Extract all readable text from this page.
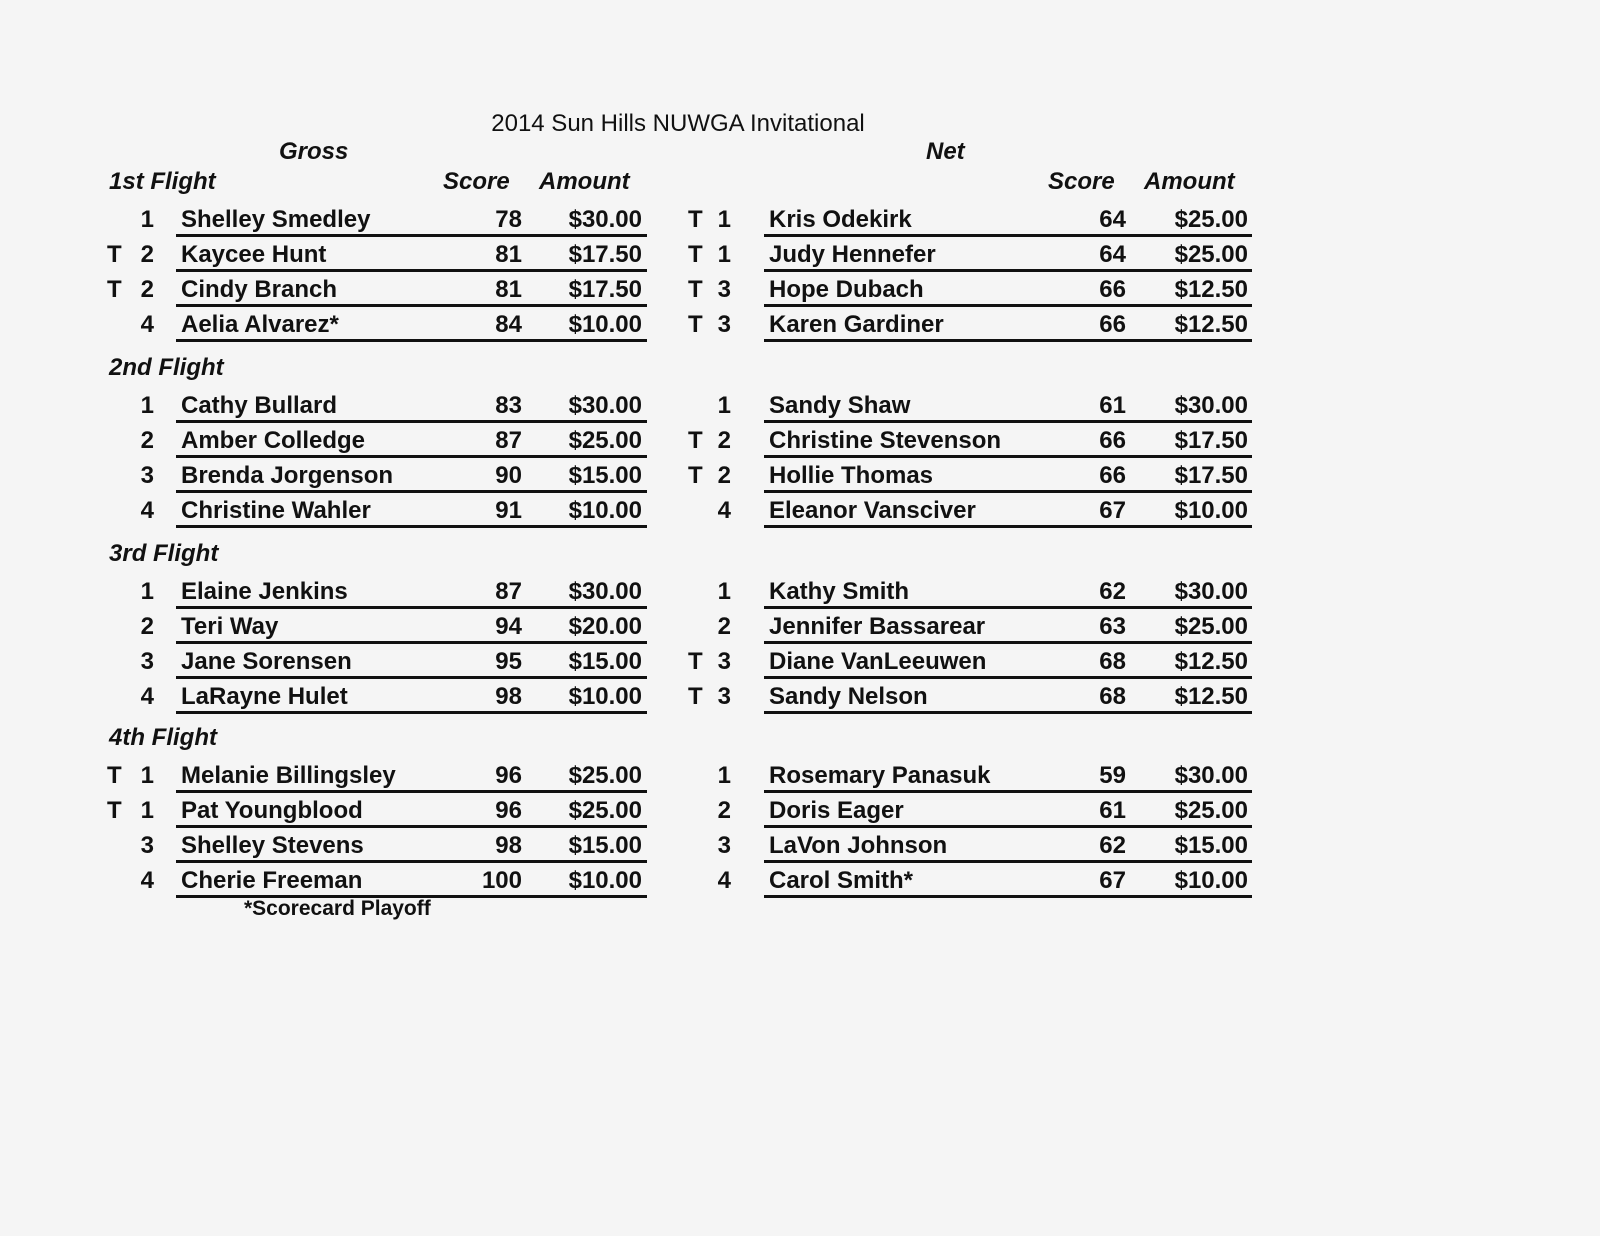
2014 Sun Hills NUWGA Invitational
Gross	Net
Score Amount	Score Amount
1st Flight
1 Shelley Smedley	78	$30.00 T 1 Kris Odekirk	64	$25.00
T 2 Kaycee Hunt	81	$17.50 T 1 Judy Hennefer	64	$25.00
T 2 Cindy Branch	81	$17.50 T 3 Hope Dubach	66	$12.50
4 Aelia Alvarez*	84	$10.00 T 3 Karen Gardiner	66	$12.50
2nd Flight
1 Cathy Bullard	83	$30.00	1 Sandy Shaw	61	$30.00
2 Amber Colledge	87	$25.00 T 2 Christine Stevenson	66	$17.50
3 Brenda Jorgenson	90	$15.00 T 2 Hollie Thomas	66	$17.50
4 Christine Wahler	91	$10.00	4 Eleanor Vansciver	67	$10.00
3rd Flight
1 Elaine Jenkins	87	$30.00	1 Kathy Smith	62	$30.00
2 Teri Way	94	$20.00	2 Jennifer Bassarear	63	$25.00
3 Jane Sorensen	95	$15.00 T 3 Diane VanLeeuwen	68	$12.50
4 LaRayne Hulet	98	$10.00 T 3 Sandy Nelson	68	$12.50
4th Flight
T 1 Melanie Billingsley	96	$25.00	1 Rosemary Panasuk	59	$30.00
T 1 Pat Youngblood	96	$25.00	2 Doris Eager	61	$25.00
3 Shelley Stevens	98	$15.00	3 LaVon Johnson	62	$15.00
4 Cherie Freeman	100	$10.00	4 Carol Smith*	67	$10.00
*Scorecard Playoff
